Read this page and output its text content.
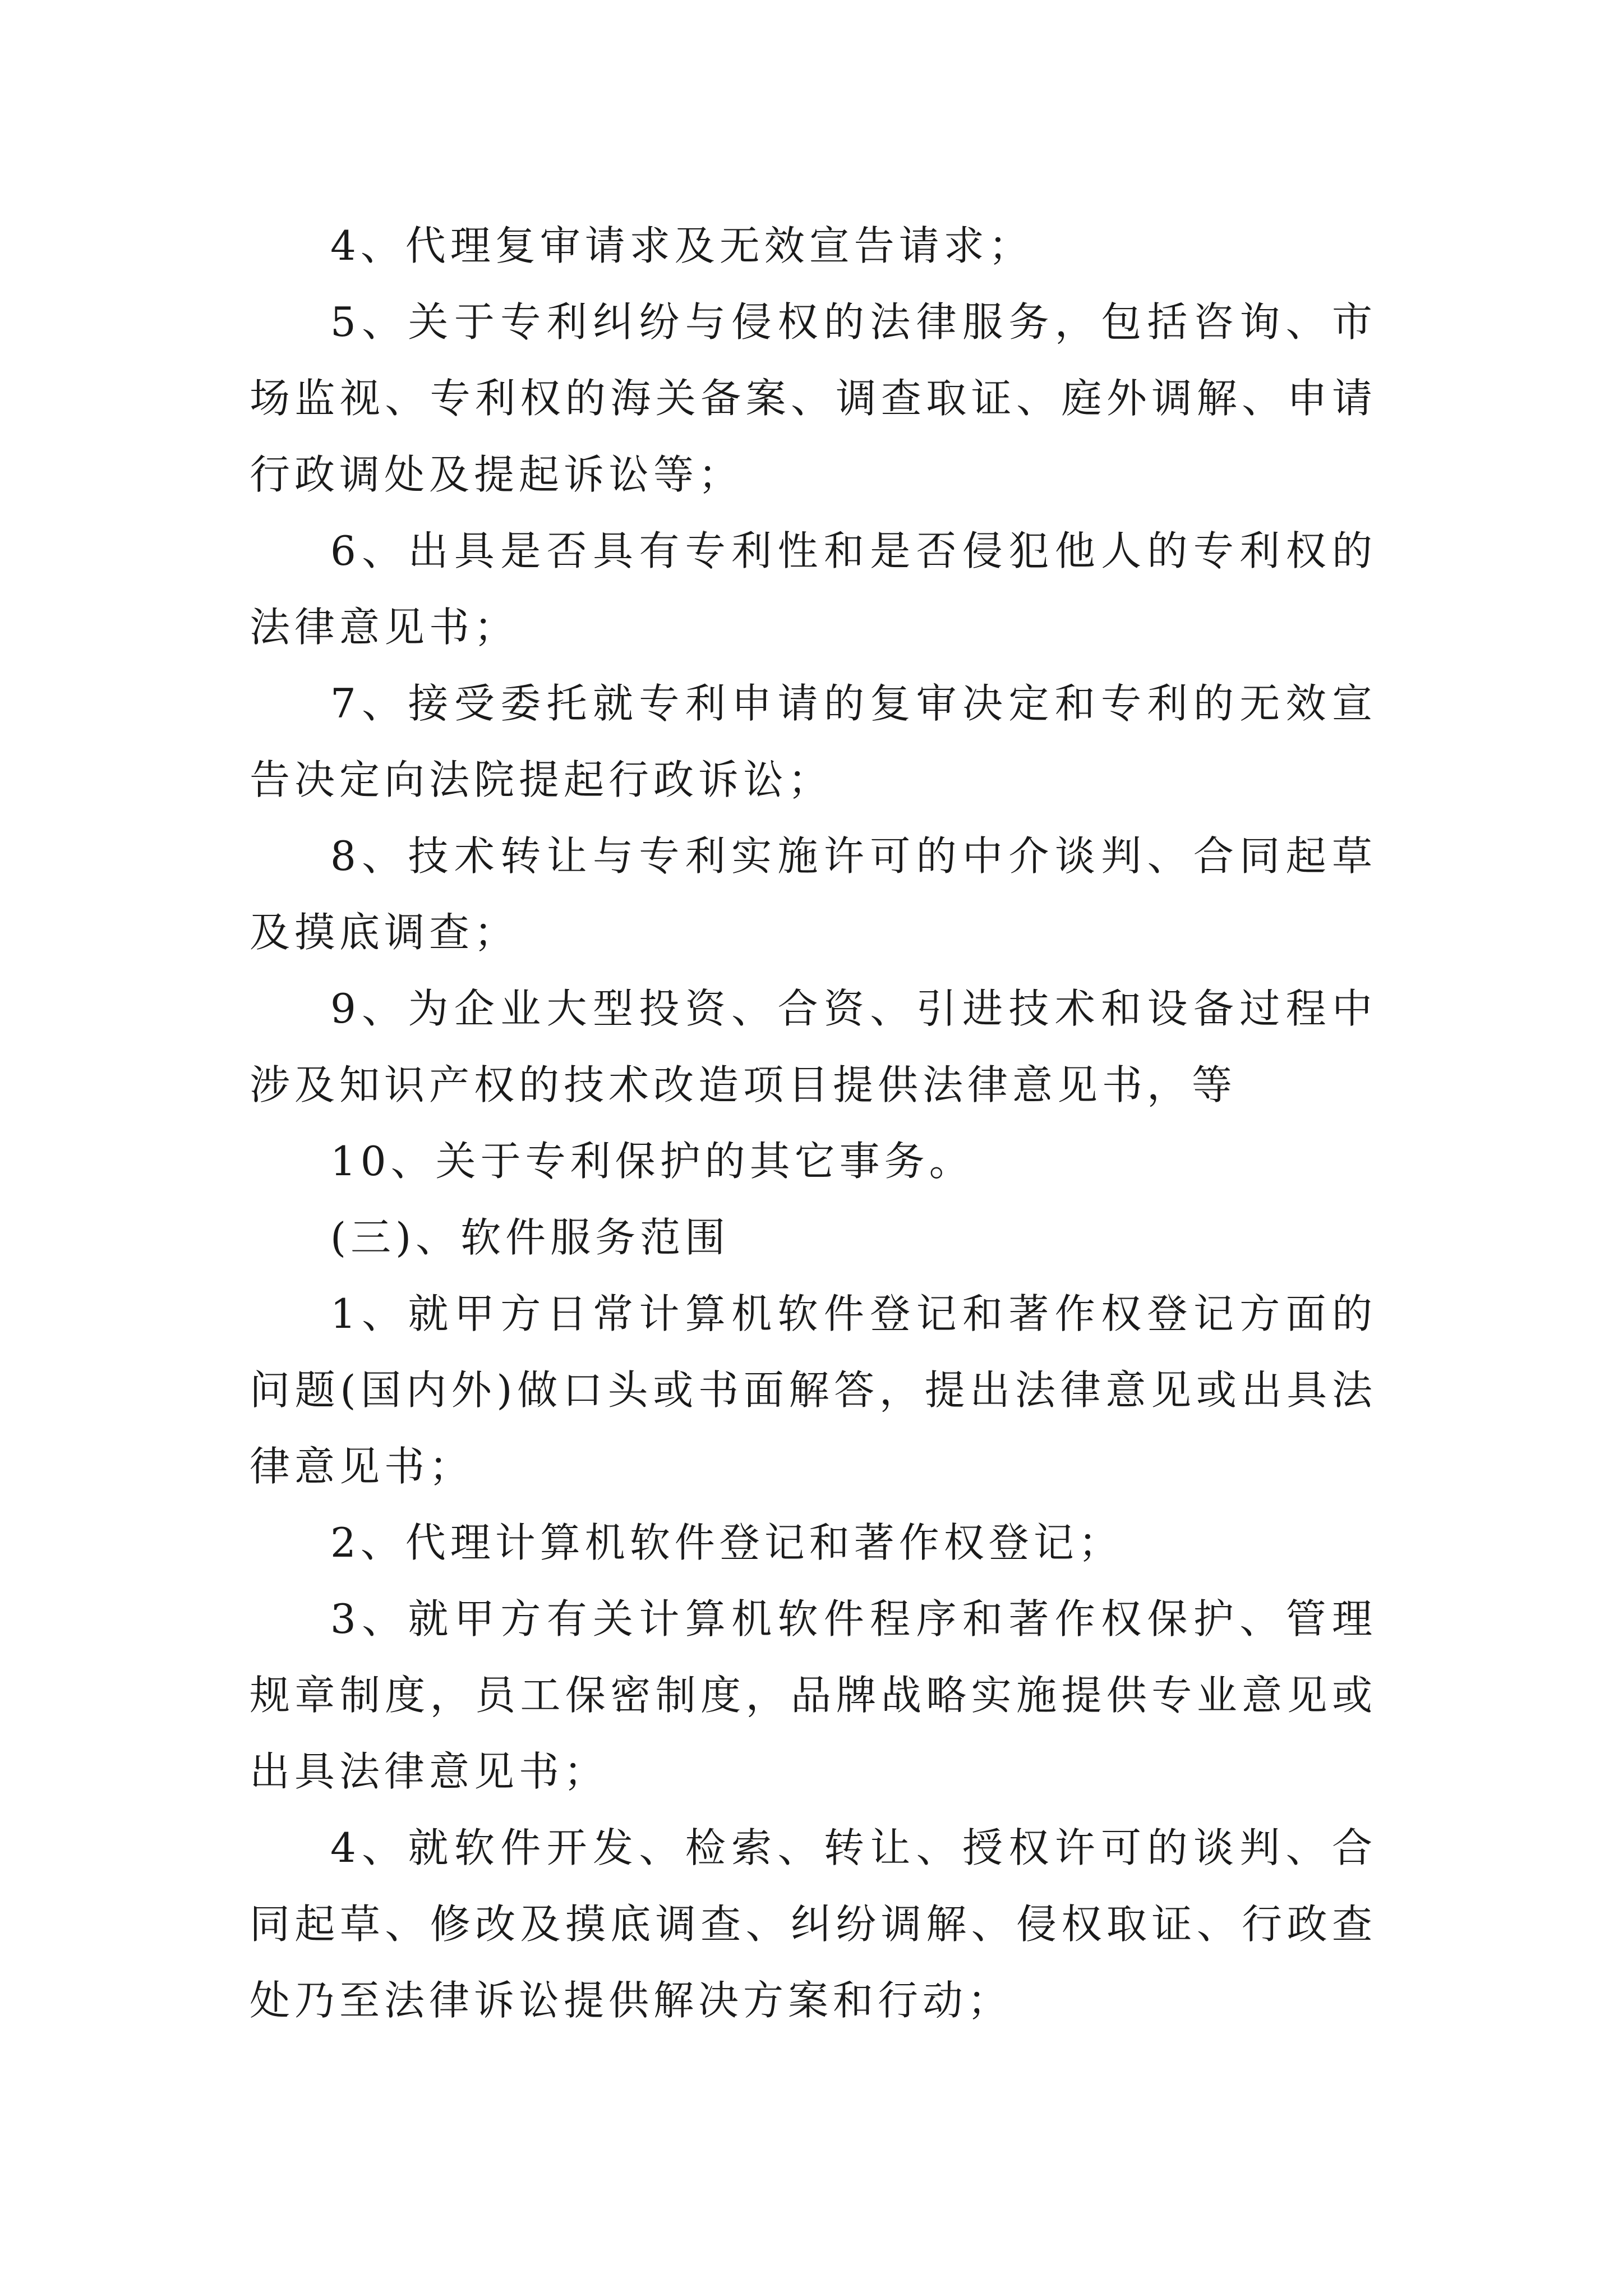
4、代理复审请求及无效宣告请求；

5、关于专利纠纷与侵权的法律服务，包括咨询、市场监视、专利权的海关备案、调查取证、庭外调解、申请行政调处及提起诉讼等；

6、出具是否具有专利性和是否侵犯他人的专利权的法律意见书；

7、接受委托就专利申请的复审决定和专利的无效宣告决定向法院提起行政诉讼；

8、技术转让与专利实施许可的中介谈判、合同起草及摸底调查；

9、为企业大型投资、合资、引进技术和设备过程中涉及知识产权的技术改造项目提供法律意见书，等

10、关于专利保护的其它事务。

(三)、软件服务范围

1、就甲方日常计算机软件登记和著作权登记方面的问题(国内外)做口头或书面解答，提出法律意见或出具法律意见书；

2、代理计算机软件登记和著作权登记；

3、就甲方有关计算机软件程序和著作权保护、管理规章制度，员工保密制度，品牌战略实施提供专业意见或出具法律意见书；

4、就软件开发、检索、转让、授权许可的谈判、合同起草、修改及摸底调查、纠纷调解、侵权取证、行政查处乃至法律诉讼提供解决方案和行动；
